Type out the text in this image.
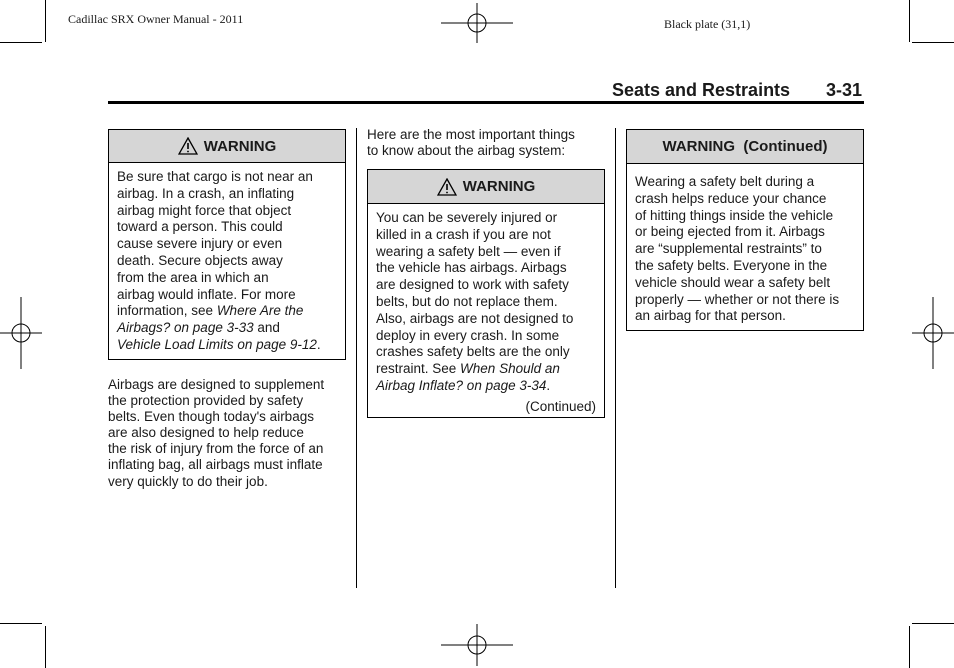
Cadillac SRX Owner Manual - 2011	Black plate (31,1)
Seats and Restraints 3-31
WARNING
Be sure that cargo is not near an
airbag. In a crash, an inflating
airbag might force that object
toward a person. This could
cause severe injury or even
death. Secure objects away
from the area in which an
airbag would inflate. For more
information, see Where Are the
Airbags? on page 3-33 and
Vehicle Load Limits on page 9-12.
Airbags are designed to supplement
the protection provided by safety
belts. Even though today's airbags
are also designed to help reduce
the risk of injury from the force of an
inflating bag, all airbags must inflate
very quickly to do their job.
Here are the most important things
to know about the airbag system:
WARNING
You can be severely injured or
killed in a crash if you are not
wearing a safety belt — even if
the vehicle has airbags. Airbags
are designed to work with safety
belts, but do not replace them.
Also, airbags are not designed to
deploy in every crash. In some
crashes safety belts are the only
restraint. See When Should an
Airbag Inflate? on page 3-34.
(Continued)
WARNING  (Continued)
Wearing a safety belt during a
crash helps reduce your chance
of hitting things inside the vehicle
or being ejected from it. Airbags
are “supplemental restraints” to
the safety belts. Everyone in the
vehicle should wear a safety belt
properly — whether or not there is
an airbag for that person.
